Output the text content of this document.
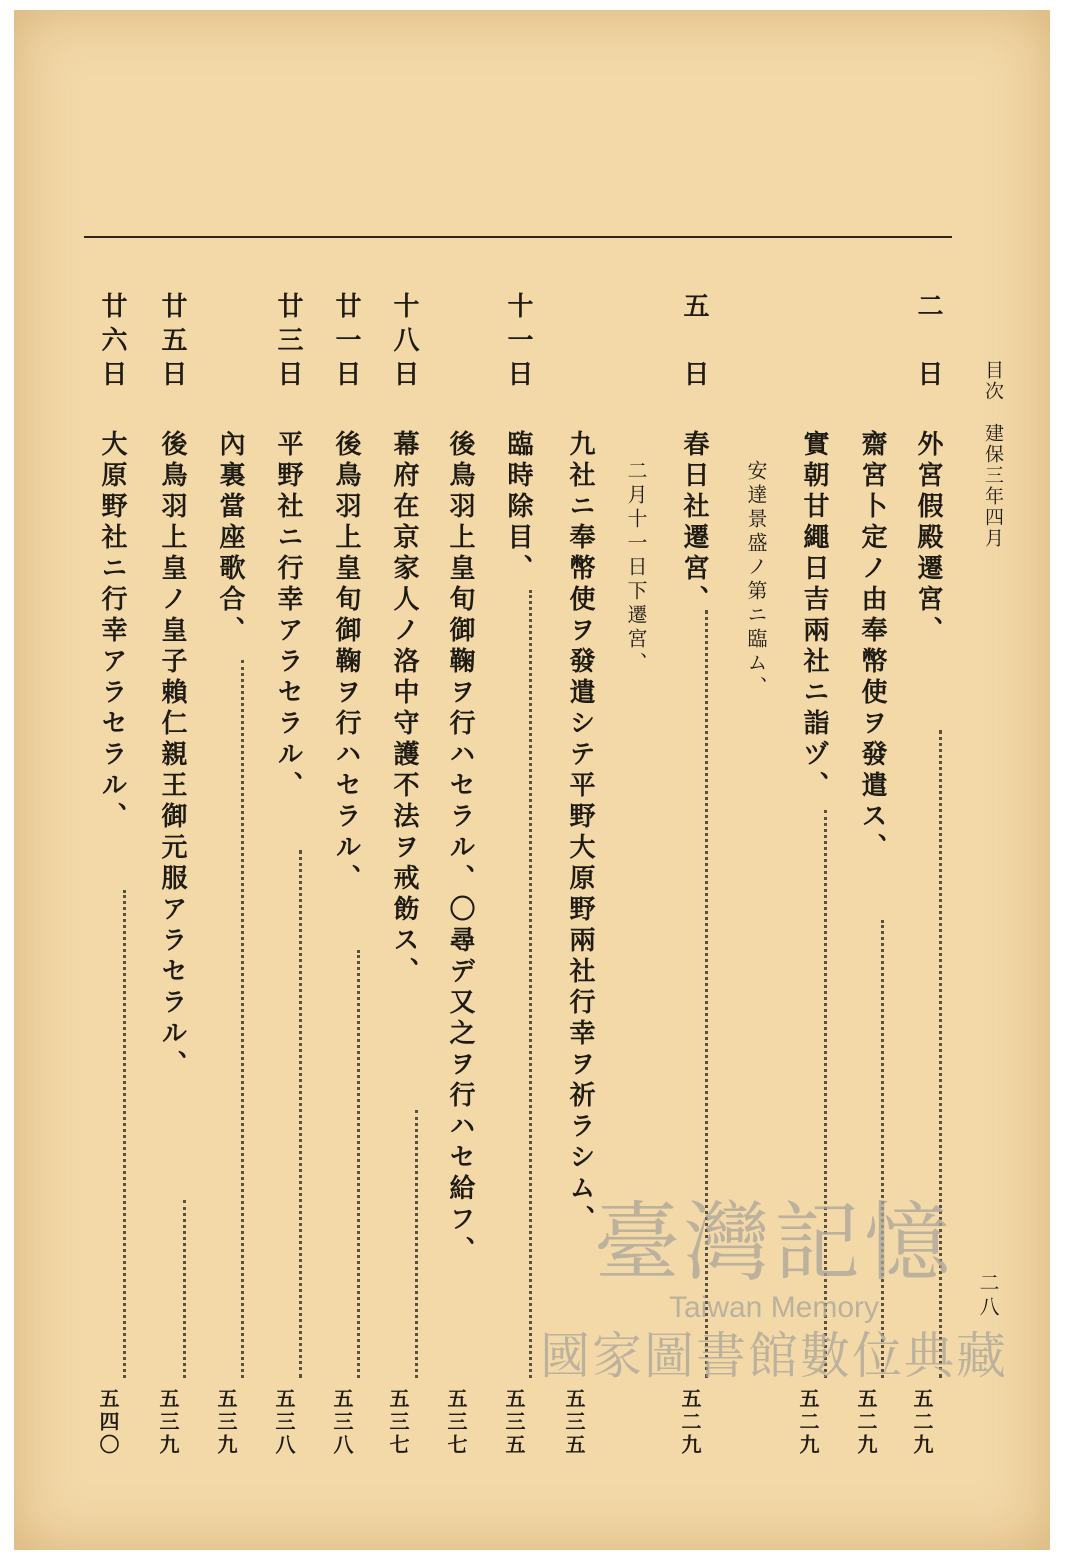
目次　建保三年四月
二八
二　日
外宮假殿遷宮、
五二九
齋宮卜定ノ由奉幣使ヲ發遣ス、
五二九
實朝甘繩日吉兩社ニ詣ヅ、
五二九
安達景盛ノ第ニ臨ム、
五　日
春日社遷宮、
五二九
二月十一日下遷宮、
九社ニ奉幣使ヲ發遣シテ平野大原野兩社行幸ヲ祈ラシム、
五三五
十一日
臨時除目、
五三五
後鳥羽上皇旬御鞠ヲ行ハセラル、〇尋デ又之ヲ行ハセ給フ、
五三七
十八日
幕府在京家人ノ洛中守護不法ヲ戒飭ス、
五三七
廿一日
後鳥羽上皇旬御鞠ヲ行ハセラル、
五三八
廿三日
平野社ニ行幸アラセラル、
五三八
內裏當座歌合、
五三九
廿五日
後鳥羽上皇ノ皇子賴仁親王御元服アラセラル、
五三九
廿六日
大原野社ニ行幸アラセラル、
五四〇
臺灣記憶
Taiwan Memory
國家圖書館數位典藏
